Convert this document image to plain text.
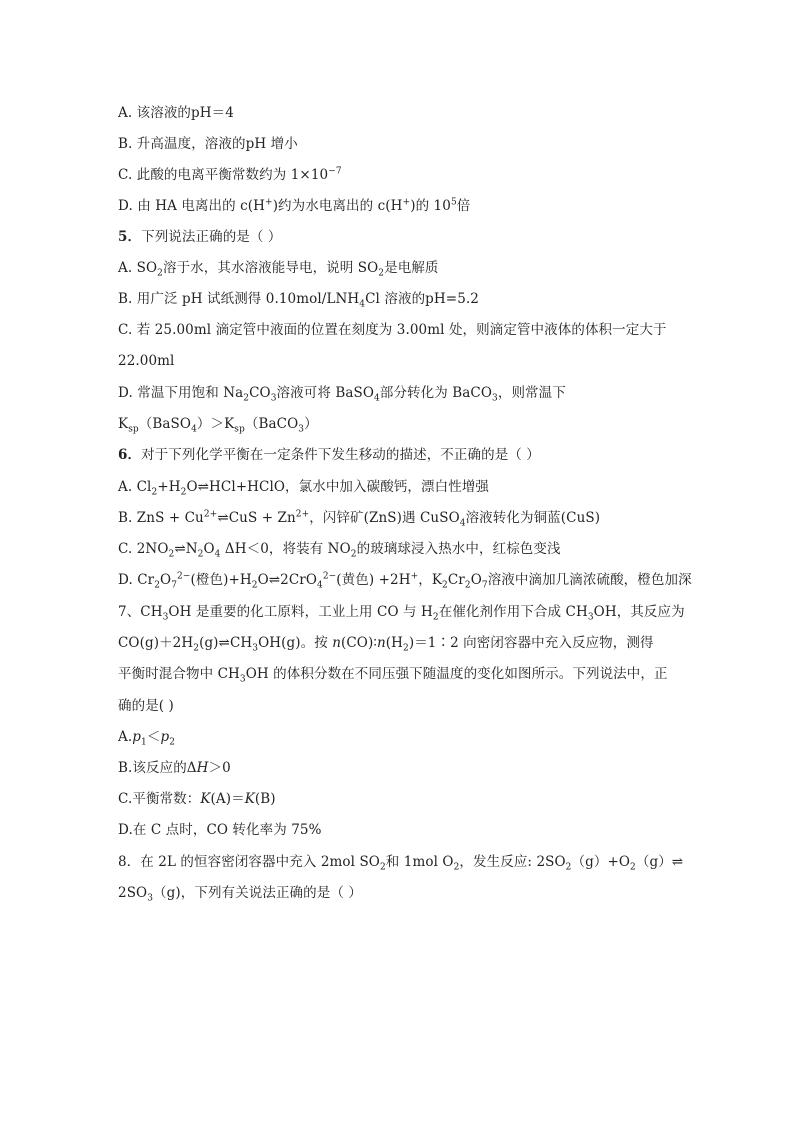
A. 该溶液的pH＝4
B. 升高温度，溶液的pH 增小
C. 此酸的电离平衡常数约为 $1\times 10^{-7}$
D. 由 HA 电离出的 c(H+)约为水电离出的 c(H+)的 $10^5$倍
5．下列说法正确的是（ ）
A. $SO_2$溶于水，其水溶液能导电，说明 $SO_2$是电解质
B. 用广泛 pH 试纸测得 $0.10mol/LNH_4Cl$ 溶液的pH=5.2
C. 若 25.00ml 滴定管中液面的位置在刻度为 3.00ml 处，则滴定管中液体的体积一定大于
22.00ml
D. 常温下用饱和 $Na_2CO_3$溶液可将 BaSO$_4$部分转化为 BaCO$_3$，则常温下
$K_{sp}(BaSO_4)>K_{sp}(BaCO_3)$
6．对于下列化学平衡在一定条件下发生移动的描述，不正确的是（ ）
A. $Cl_2+H_2O\rightleftharpoons HCl+HClO$，氯水中加入碳酸钙，漂白性增强
B. ZnS + $Cu^{2+}\rightleftharpoons CuS + Zn^{2+}$，闪锌矿(ZnS)遇 CuSO$_4$溶液转化为铜蓝(CuS)
C. $2NO_2\rightleftharpoons N_2O_4$ ΔH＜0，将装有 $NO_2$的玻璃球浸入热水中，红棕色变浅
D. $Cr_2O_7^{2-}$(橙色)$+H_2O\rightleftharpoons 2CrO_4^{2-}$(黄色) +2H+，$K_2Cr_2O_7$溶液中滴加几滴浓硫酸，橙色加深
7、$CH_3OH$ 是重要的化工原料，工业上用 CO 与 $H_2$在催化剂作用下合成 $CH_3OH$，其反应为
$CO(g)+2H_2(g)\rightleftharpoons CH_3OH(g)$。按 $n(CO)∶n(H_2)=1∶2$ 向密闭容器中充入反应物，测得
平衡时混合物中 $CH_3OH$ 的体积分数在不同压强下随温度的变化如图所示。下列说法中，正
确的是( )
$A.p_1<p_2$
B.该反应的ΔH＞0
C.平衡常数：K(A)＝K(B)
D.在 C 点时，CO 转化率为 75%
8．在 2L 的恒容密闭容器中充入 2mol $SO_2$和 1mol $O_2$，发生反应: $2SO_2(g)+O_2(g)\rightleftharpoons$
$2SO_3(g)$，下列有关说法正确的是（ ）
